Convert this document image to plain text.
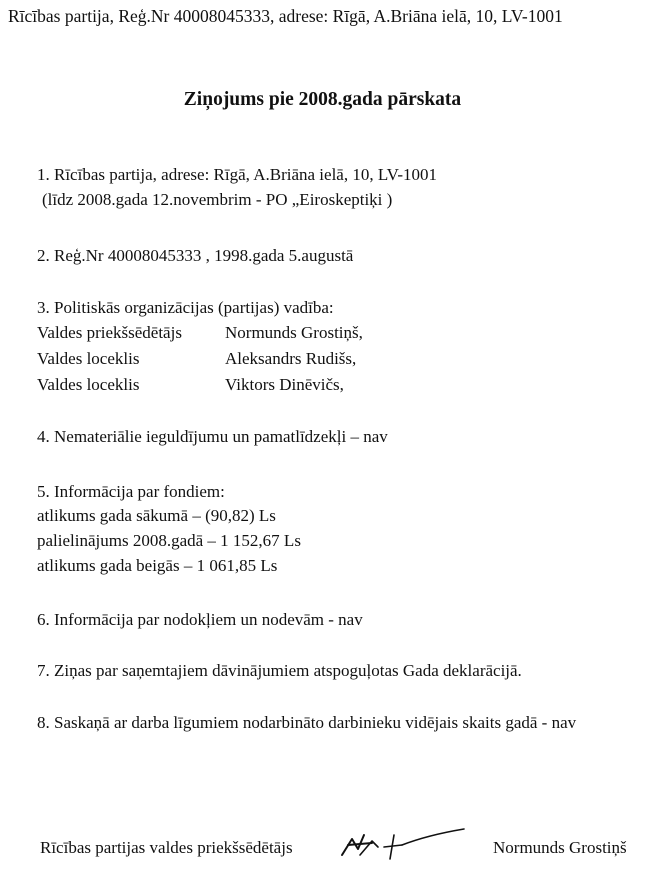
Rīcības partija, Reģ.Nr 40008045333, adrese: Rīgā, A.Briāna ielā, 10, LV-1001
Ziņojums pie 2008.gada pārskata
1. Rīcības partija, adrese: Rīgā, A.Briāna ielā, 10, LV-1001
(līdz 2008.gada 12.novembrim - PO „Eiroskeptiķi )
2. Reģ.Nr 40008045333 , 1998.gada 5.augustā
3. Politiskās organizācijas (partijas) vadība:
Valdes priekšsēdētājs	Normunds Grostiņš,
Valdes loceklis	Aleksandrs Rudišs,
Valdes loceklis	Viktors Dinēvičs,
4. Nemateriālie ieguldījumu un pamatlīdzekļi – nav
5. Informācija par fondiem:
atlikums gada sākumā – (90,82) Ls
palielinājums 2008.gadā – 1 152,67 Ls
atlikums gada beigās – 1 061,85 Ls
6. Informācija par nodokļiem un nodevām - nav
7. Ziņas par saņemtajiem dāvinājumiem atspoguļotas Gada deklarācijā.
8. Saskaņā ar darba līgumiem nodarbināto darbinieku vidējais skaits gadā - nav
Rīcības partijas valdes priekšsēdētājs	Normunds Grostiņš
